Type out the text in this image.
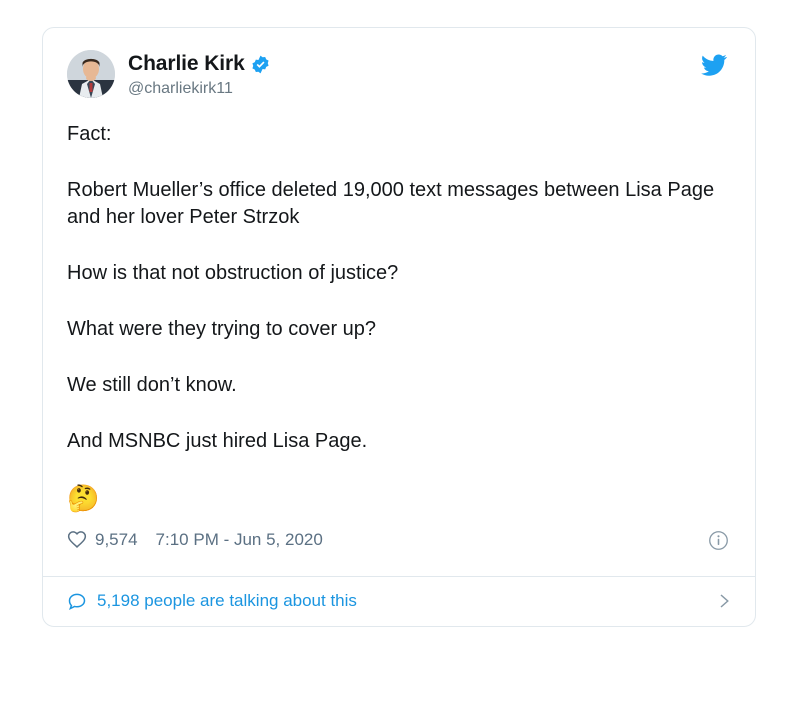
Charlie Kirk
@charliekirk11

Fact:

Robert Mueller’s office deleted 19,000 text messages between Lisa Page and her lover Peter Strzok

How is that not obstruction of justice?

What were they trying to cover up?

We still don’t know.

And MSNBC just hired Lisa Page.

🤔

9,574 7:10 PM - Jun 5, 2020
5,198 people are talking about this
